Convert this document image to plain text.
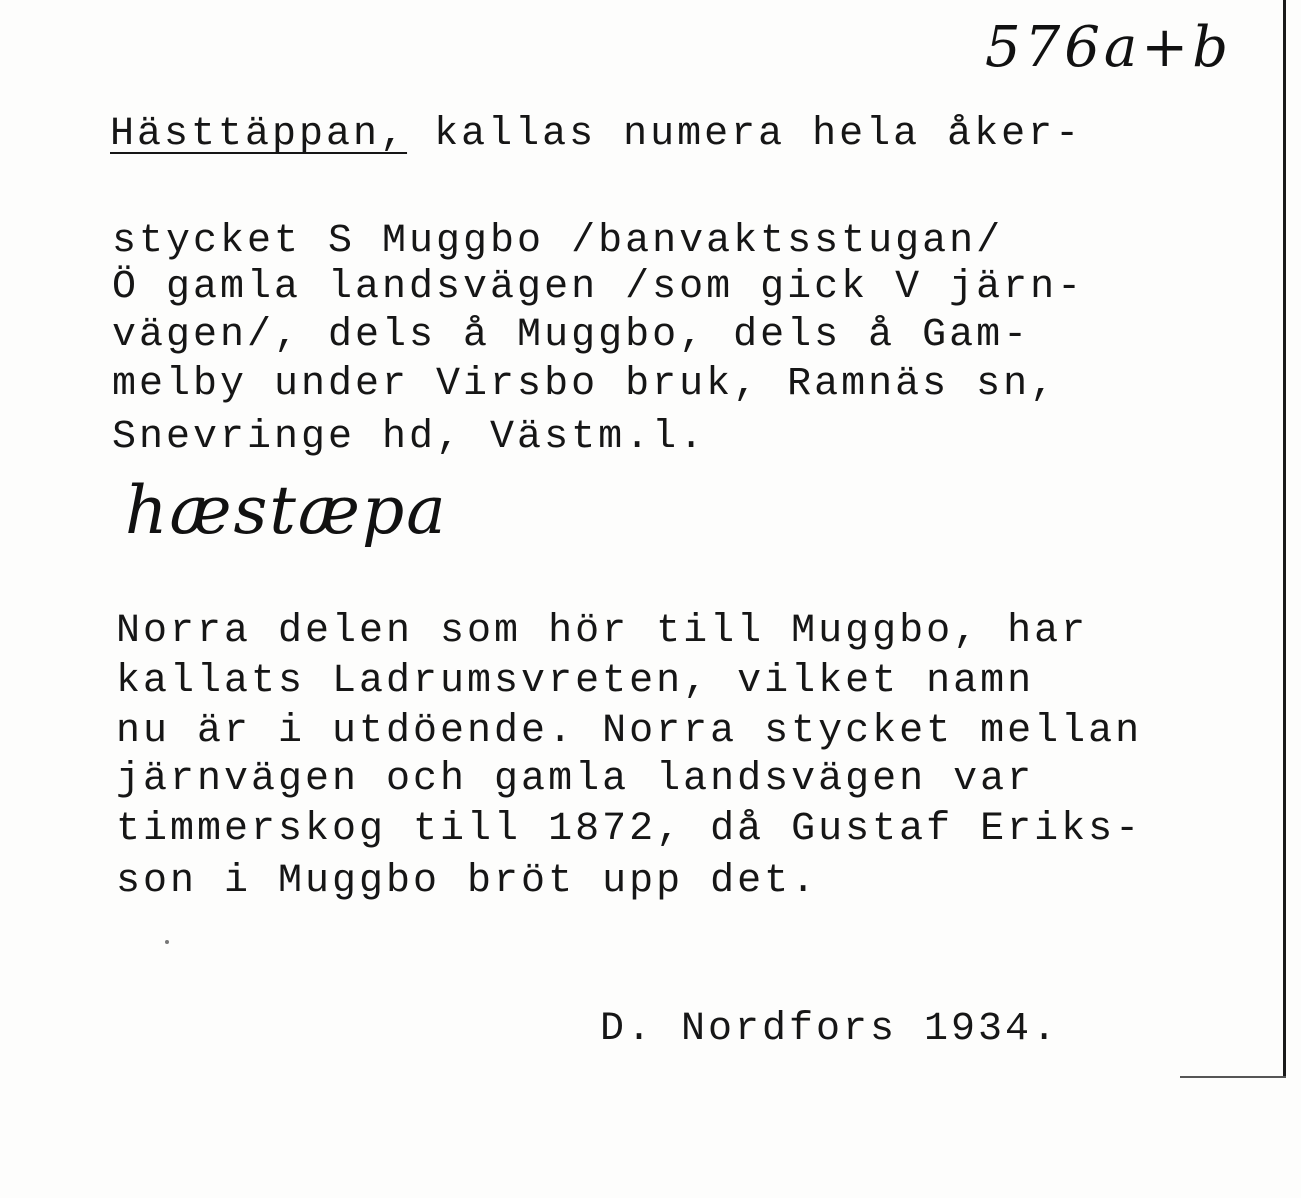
576a+b
Hästtäppan, kallas numera hela åker-
stycket S Muggbo /banvaktsstugan/
Ö gamla landsvägen /som gick V järn-
vägen/, dels å Muggbo, dels å Gam-
melby under Virsbo bruk, Ramnäs sn,
Snevringe hd, Västm.l.
hæstæpa
Norra delen som hör till Muggbo, har
kallats Ladrumsvreten, vilket namn
nu är i utdöende. Norra stycket mellan
järnvägen och gamla landsvägen var
timmerskog till 1872, då Gustaf Eriks-
son i Muggbo bröt upp det.
D. Nordfors 1934.
